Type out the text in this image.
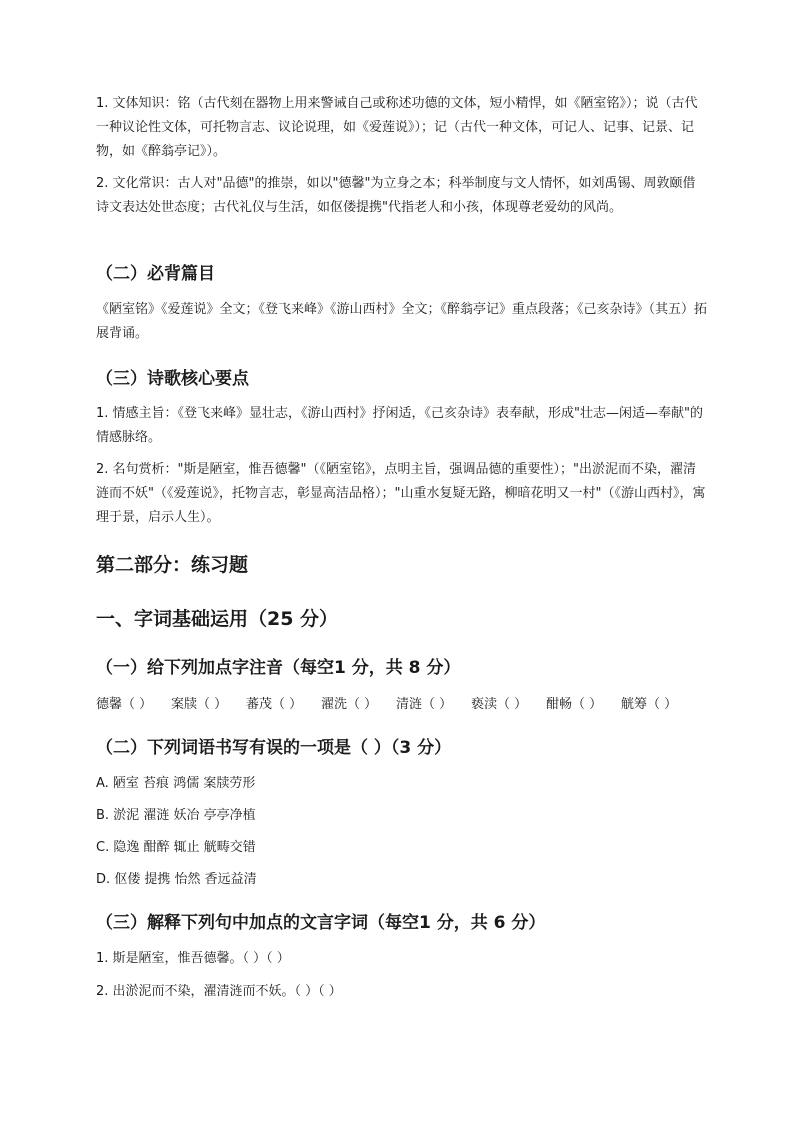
1. 文体知识：铭（古代刻在器物上用来警诫自己或称述功德的文体，短小精悍，如《陋室铭》）；说（古代一种议论性文体，可托物言志、议论说理，如《爱莲说》）；记（古代一种文体，可记人、记事、记景、记物，如《醉翁亭记》）。

2. 文化常识：古人对"品德"的推崇，如以"德馨"为立身之本；科举制度与文人情怀，如刘禹锡、周敦颐借诗文表达处世态度；古代礼仪与生活，如伛偻提携"代指老人和小孩，体现尊老爱幼的风尚。

（二）必背篇目

《陋室铭》《爱莲说》全文；《登飞来峰》《游山西村》全文；《醉翁亭记》重点段落；《己亥杂诗》（其五）拓展背诵。

（三）诗歌核心要点

1. 情感主旨：《登飞来峰》显壮志，《游山西村》抒闲适，《己亥杂诗》表奉献，形成"壮志—闲适—奉献"的情感脉络。

2. 名句赏析："斯是陋室，惟吾德馨"（《陋室铭》，点明主旨，强调品德的重要性）；"出淤泥而不染，濯清涟而不妖"（《爱莲说》，托物言志，彰显高洁品格）；"山重水复疑无路，柳暗花明又一村"（《游山西村》，寓理于景，启示人生）。

第二部分：练习题
一、字词基础运用（25 分）
（一）给下列加点字注音（每空1 分，共 8 分）
德馨（ ）	案牍（ ）	蕃茂（ ）	濯洗（ ）	清涟（ ）	亵渎（ ）	酣畅（ ）	觥筹（ ）
（二）下列词语书写有误的一项是（ ）（3 分）
A. 陋室 苔痕 鸿儒 案牍劳形
B. 淤泥 濯涟 妖冶 亭亭净植
C. 隐逸 酣醉 辄止 觥畴交错
D. 伛偻 提携 怡然 香远益清
（三）解释下列句中加点的文言字词（每空1 分，共 6 分）
1. 斯是陋室，惟吾德馨。（ ）（ ）
2. 出淤泥而不染，濯清涟而不妖。（ ）（ ）
